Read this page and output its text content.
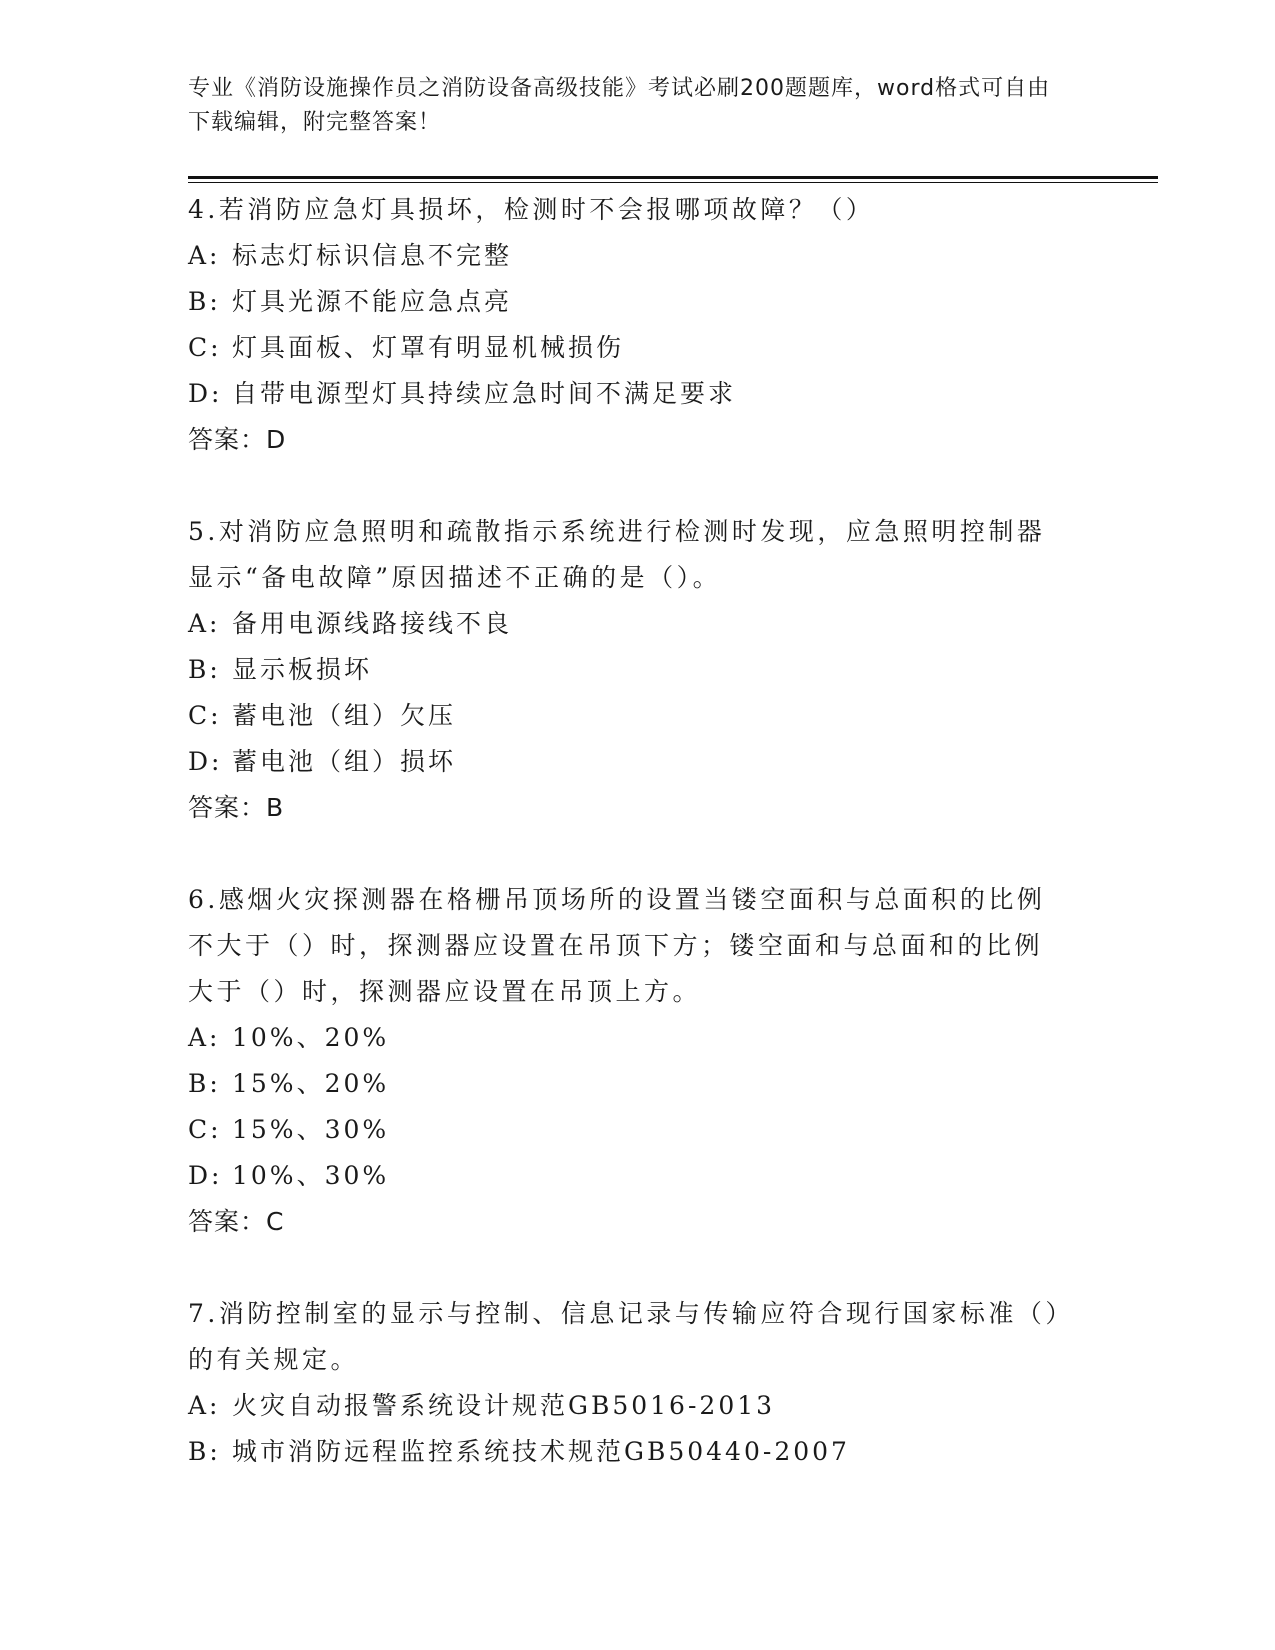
专业《消防设施操作员之消防设备高级技能》考试必刷200题题库，word格式可自由下载编辑，附完整答案！
4.若消防应急灯具损坏，检测时不会报哪项故障？（）
A: 标志灯标识信息不完整
B: 灯具光源不能应急点亮
C: 灯具面板、灯罩有明显机械损伤
D: 自带电源型灯具持续应急时间不满足要求
答案：D
5.对消防应急照明和疏散指示系统进行检测时发现，应急照明控制器显示“备电故障”原因描述不正确的是（）。
A: 备用电源线路接线不良
B: 显示板损坏
C: 蓄电池（组）欠压
D: 蓄电池（组）损坏
答案：B
6.感烟火灾探测器在格栅吊顶场所的设置当镂空面积与总面积的比例不大于（）时，探测器应设置在吊顶下方；镂空面和与总面和的比例大于（）时，探测器应设置在吊顶上方。
A: 10%、20%
B: 15%、20%
C: 15%、30%
D: 10%、30%
答案：C
7.消防控制室的显示与控制、信息记录与传输应符合现行国家标准（）的有关规定。
A: 火灾自动报警系统设计规范GB5016-2013
B: 城市消防远程监控系统技术规范GB50440-2007
